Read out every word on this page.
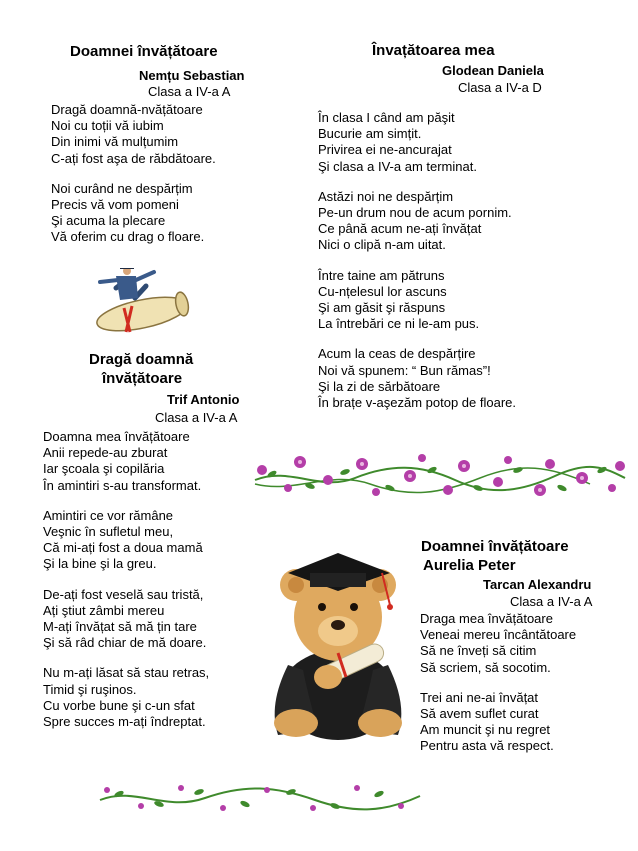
Doamnei învățătoare
Nemțu Sebastian
Clasa a IV-a A
Dragă doamnă-nvățătoare
Noi cu toții vă iubim
Din inimi vă mulțumim
C-ați fost aşa de răbdătoare.
Noi curând ne despărțim
Precis vă vom pomeni
Şi acuma la plecare
Vă oferim cu drag o floare.
Dragă doamnă
învățătoare
Trif Antonio
Clasa a IV-a A
Doamna mea învățătoare
Anii repede-au zburat
Iar şcoala şi copilăria
În amintiri s-au transformat.
Amintiri ce vor rămâne
Veşnic în sufletul meu,
Că mi-ați fost a doua mamă
Şi la bine şi la greu.
De-ați fost veselă sau tristă,
Ați ştiut zâmbi mereu
M-ați învățat să mă țin tare
Şi să râd chiar de mă doare.
Nu m-ați lăsat să stau retras,
Timid şi ruşinos.
Cu vorbe bune şi c-un sfat
Spre succes m-ați îndreptat.
Învațătoarea mea
Glodean Daniela
Clasa a IV-a D
În clasa I când am păşit
Bucurie am simțit.
Privirea ei ne-ancurajat
Şi clasa a IV-a am terminat.
Astăzi noi ne despărțim
Pe-un drum nou de acum pornim.
Ce până acum ne-ați învățat
Nici o clipă n-am uitat.
Între taine am pătruns
Cu-nțelesul lor ascuns
Şi am găsit şi răspuns
La întrebări ce ni le-am pus.
Acum la ceas de despărțire
Noi vă spunem: “ Bun rămas”!
Şi la zi de sărbătoare
În brațe v-aşezăm potop de floare.
Doamnei învățătoare
Aurelia Peter
Tarcan Alexandru
Clasa a IV-a A
Draga mea învățătoare
Veneai mereu încântătoare
Să ne înveți să citim
Să scriem, să socotim.
Trei ani ne-ai învățat
Să avem suflet curat
Am muncit şi nu regret
Pentru asta vă respect.
